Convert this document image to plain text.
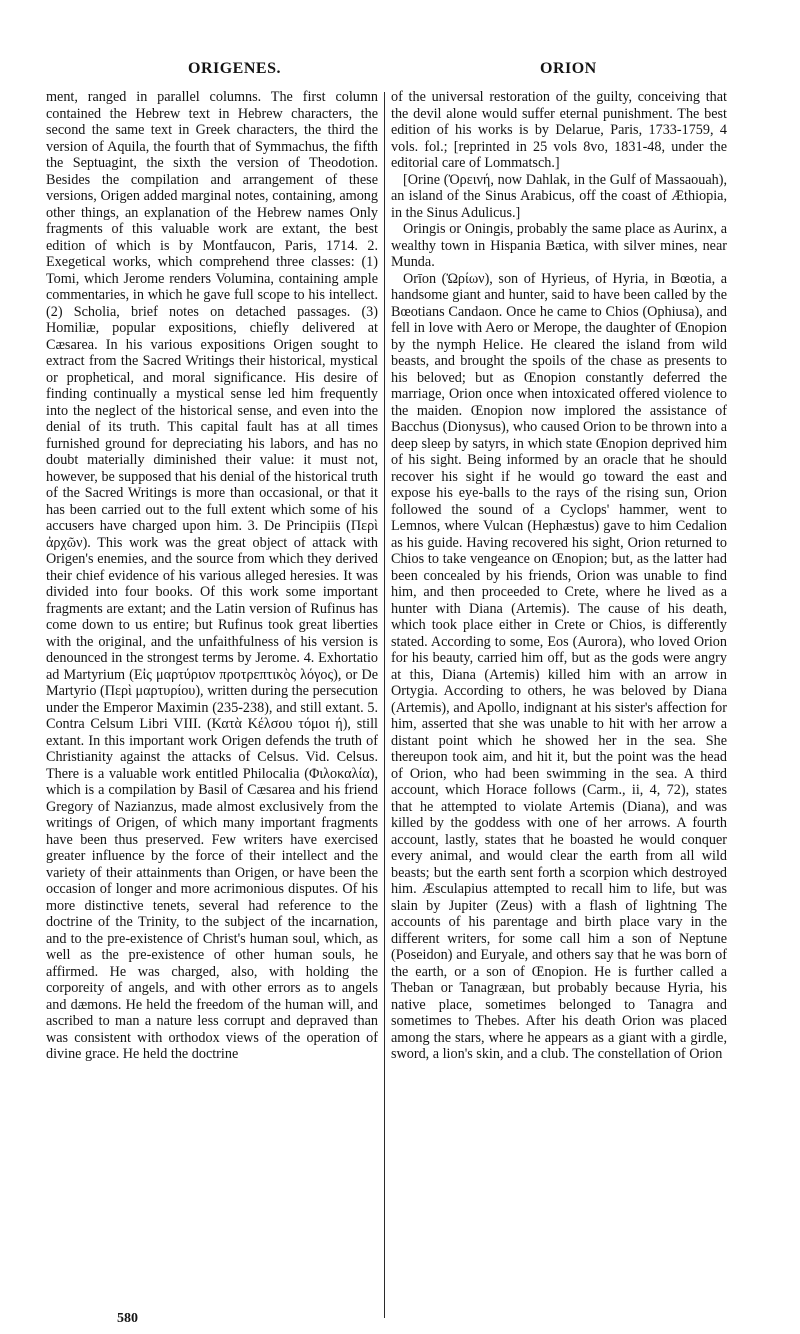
ORIGENES.	ORION

ment, ranged in parallel columns. The first column contained the Hebrew text in Hebrew characters, the second the same text in Greek characters, the third the version of Aquila, the fourth that of Symmachus, the fifth the Septuagint, the sixth the version of Theodotion. Besides the compilation and arrangement of these versions, Origen added marginal notes, containing, among other things, an explanation of the Hebrew names Only fragments of this valuable work are extant, the best edition of which is by Montfaucon, Paris, 1714. 2. Exegetical works, which comprehend three classes: (1) Tomi, which Jerome renders Volumina, containing ample commentaries, in which he gave full scope to his intellect. (2) Scholia, brief notes on detached passages. (3) Homiliæ, popular expositions, chiefly delivered at Cæsarea. In his various expositions Origen sought to extract from the Sacred Writings their historical, mystical or prophetical, and moral significance. His desire of finding continually a mystical sense led him frequently into the neglect of the historical sense, and even into the denial of its truth. This capital fault has at all times furnished ground for depreciating his labors, and has no doubt materially diminished their value: it must not, however, be supposed that his denial of the historical truth of the Sacred Writings is more than occasional, or that it has been carried out to the full extent which some of his accusers have charged upon him. 3. De Principiis (Περὶ ἀρχῶν). This work was the great object of attack with Origen's enemies, and the source from which they derived their chief evidence of his various alleged heresies. It was divided into four books. Of this work some important fragments are extant; and the Latin version of Rufinus has come down to us entire; but Rufinus took great liberties with the original, and the unfaithfulness of his version is denounced in the strongest terms by Jerome. 4. Exhortatio ad Martyrium (Εἰς μαρτύριον προτρεπτικὸς λόγος), or De Martyrio (Περὶ μαρτυρίου), written during the persecution under the Emperor Maximin (235-238), and still extant. 5. Contra Celsum Libri VIII. (Κατὰ Κέλσου τόμοι ή), still extant. In this important work Origen defends the truth of Christianity against the attacks of Celsus. Vid. Celsus. There is a valuable work entitled Philocalia (Φιλοκαλία), which is a compilation by Basil of Cæsarea and his friend Gregory of Nazianzus, made almost exclusively from the writings of Origen, of which many important fragments have been thus preserved. Few writers have exercised greater influence by the force of their intellect and the variety of their attainments than Origen, or have been the occasion of longer and more acrimonious disputes. Of his more distinctive tenets, several had reference to the doctrine of the Trinity, to the subject of the incarnation, and to the pre-existence of Christ's human soul, which, as well as the pre-existence of other human souls, he affirmed. He was charged, also, with holding the corporeity of angels, and with other errors as to angels and dæmons. He held the freedom of the human will, and ascribed to man a nature less corrupt and depraved than was consistent with orthodox views of the operation of divine grace. He held the doctrine

of the universal restoration of the guilty, conceiving that the devil alone would suffer eternal punishment. The best edition of his works is by Delarue, Paris, 1733-1759, 4 vols. fol.; [reprinted in 25 vols 8vo, 1831-48, under the editorial care of Lommatsch.]

[Orine (Ὀρεινή, now Dahlak, in the Gulf of Massaouah), an island of the Sinus Arabicus, off the coast of Æthiopia, in the Sinus Adulicus.]

Oringis or Oningis, probably the same place as Aurinx, a wealthy town in Hispania Bætica, with silver mines, near Munda.

Orīon (Ὠρίων), son of Hyrieus, of Hyria, in Bœotia, a handsome giant and hunter, said to have been called by the Bœotians Candaon. Once he came to Chios (Ophiusa), and fell in love with Aero or Merope, the daughter of Œnopion by the nymph Helice. He cleared the island from wild beasts, and brought the spoils of the chase as presents to his beloved; but as Œnopion constantly deferred the marriage, Orion once when intoxicated offered violence to the maiden. Œnopion now implored the assistance of Bacchus (Dionysus), who caused Orion to be thrown into a deep sleep by satyrs, in which state Œnopion deprived him of his sight. Being informed by an oracle that he should recover his sight if he would go toward the east and expose his eye-balls to the rays of the rising sun, Orion followed the sound of a Cyclops' hammer, went to Lemnos, where Vulcan (Hephæstus) gave to him Cedalion as his guide. Having recovered his sight, Orion returned to Chios to take vengeance on Œnopion; but, as the latter had been concealed by his friends, Orion was unable to find him, and then proceeded to Crete, where he lived as a hunter with Diana (Artemis). The cause of his death, which took place either in Crete or Chios, is differently stated. According to some, Eos (Aurora), who loved Orion for his beauty, carried him off, but as the gods were angry at this, Diana (Artemis) killed him with an arrow in Ortygia. According to others, he was beloved by Diana (Artemis), and Apollo, indignant at his sister's affection for him, asserted that she was unable to hit with her arrow a distant point which he showed her in the sea. She thereupon took aim, and hit it, but the point was the head of Orion, who had been swimming in the sea. A third account, which Horace follows (Carm., ii, 4, 72), states that he attempted to violate Artemis (Diana), and was killed by the goddess with one of her arrows. A fourth account, lastly, states that he boasted he would conquer every animal, and would clear the earth from all wild beasts; but the earth sent forth a scorpion which destroyed him. Æsculapius attempted to recall him to life, but was slain by Jupiter (Zeus) with a flash of lightning The accounts of his parentage and birth place vary in the different writers, for some call him a son of Neptune (Poseidon) and Euryale, and others say that he was born of the earth, or a son of Œnopion. He is further called a Theban or Tanagræan, but probably because Hyria, his native place, sometimes belonged to Tanagra and sometimes to Thebes. After his death Orion was placed among the stars, where he appears as a giant with a girdle, sword, a lion's skin, and a club. The constellation of Orion

580
